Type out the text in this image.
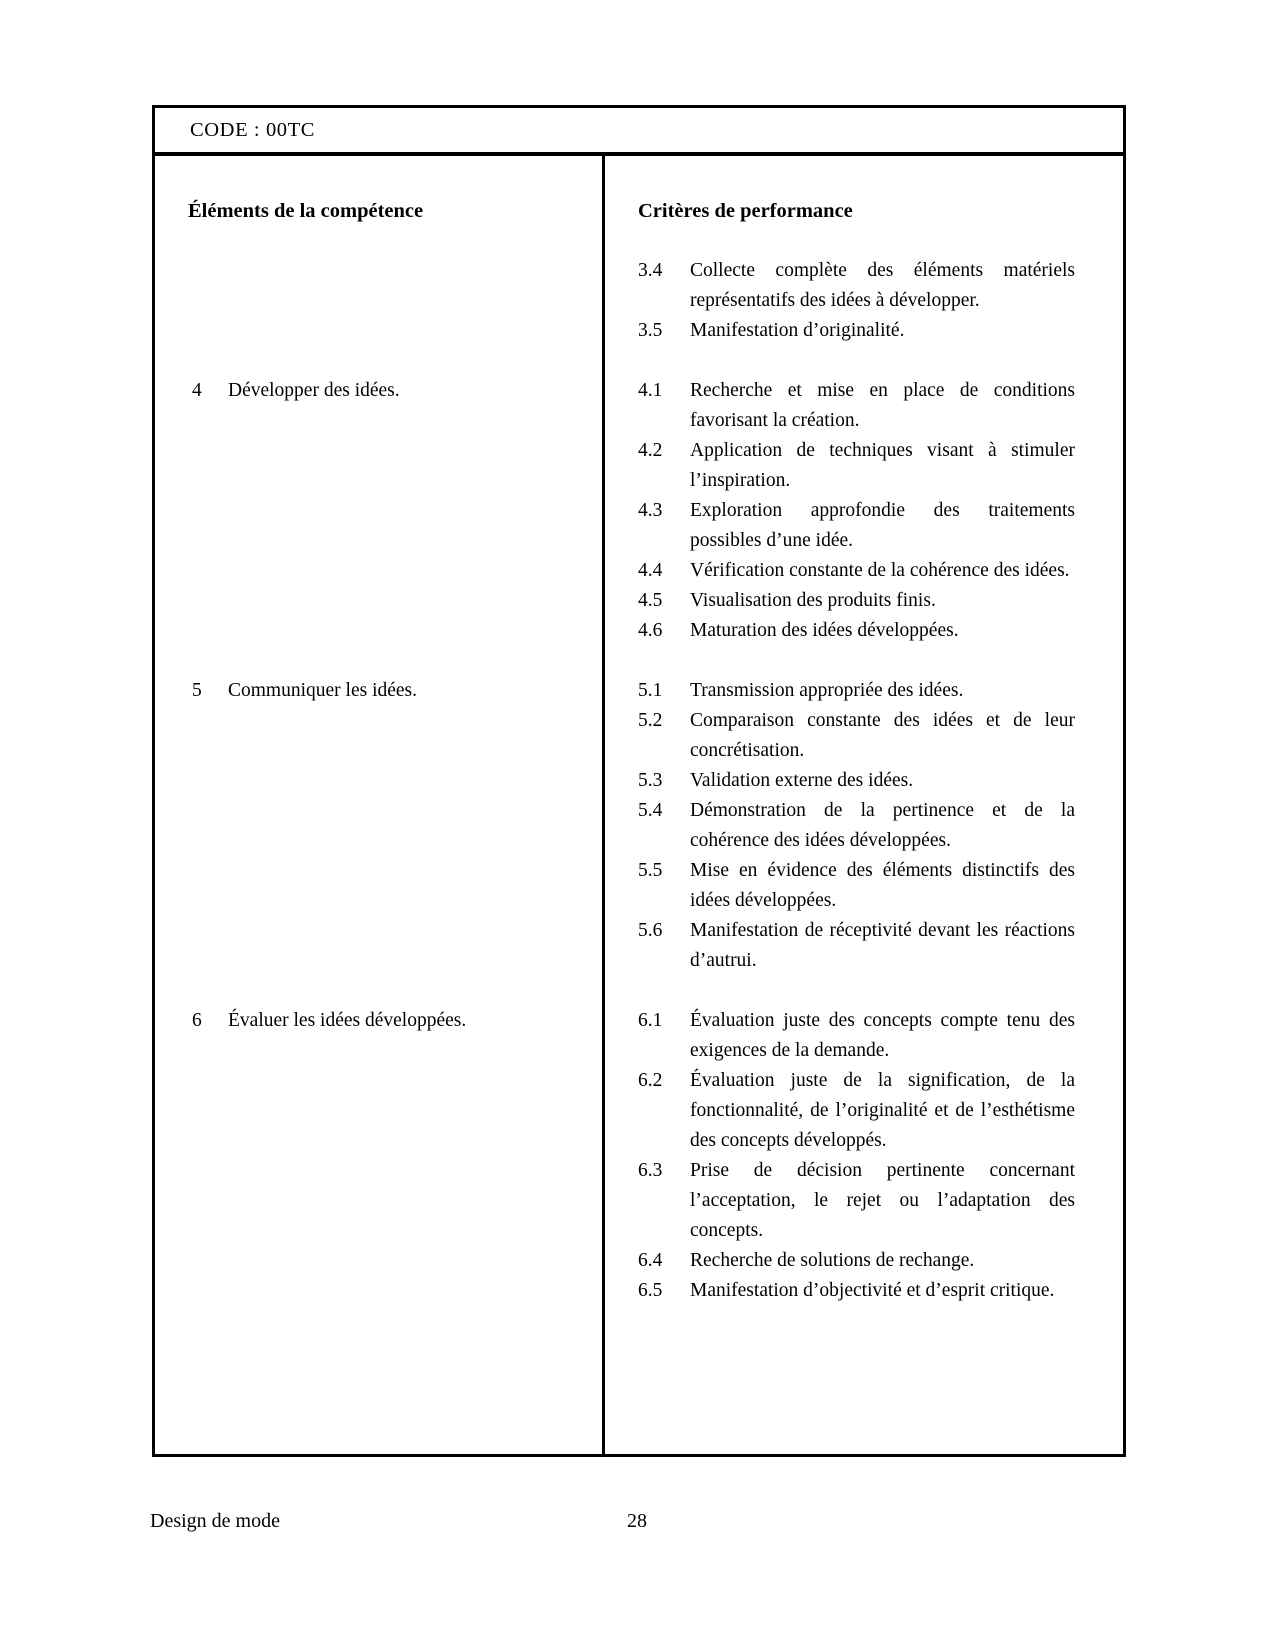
CODE : 00TC
Éléments de la compétence	Critères de performance
3.4	Collecte complète des éléments matériels représentatifs des idées à développer.
3.5	Manifestation d’originalité.
4	Développer des idées.	4.1	Recherche et mise en place de conditions favorisant la création.
4.2	Application de techniques visant à stimuler l’inspiration.
4.3	Exploration approfondie des traitements possibles d’une idée.
4.4	Vérification constante de la cohérence des idées.
4.5	Visualisation des produits finis.
4.6	Maturation des idées développées.
5	Communiquer les idées.	5.1	Transmission appropriée des idées.
5.2	Comparaison constante des idées et de leur concrétisation.
5.3	Validation externe des idées.
5.4	Démonstration de la pertinence et de la cohérence des idées développées.
5.5	Mise en évidence des éléments distinctifs des idées développées.
5.6	Manifestation de réceptivité devant les réactions d’autrui.
6	Évaluer les idées développées.	6.1	Évaluation juste des concepts compte tenu des exigences de la demande.
6.2	Évaluation juste de la signification, de la fonctionnalité, de l’originalité et de l’esthétisme des concepts développés.
6.3	Prise de décision pertinente concernant l’acceptation, le rejet ou l’adaptation des concepts.
6.4	Recherche de solutions de rechange.
6.5	Manifestation d’objectivité et d’esprit critique.
Design de mode	28
